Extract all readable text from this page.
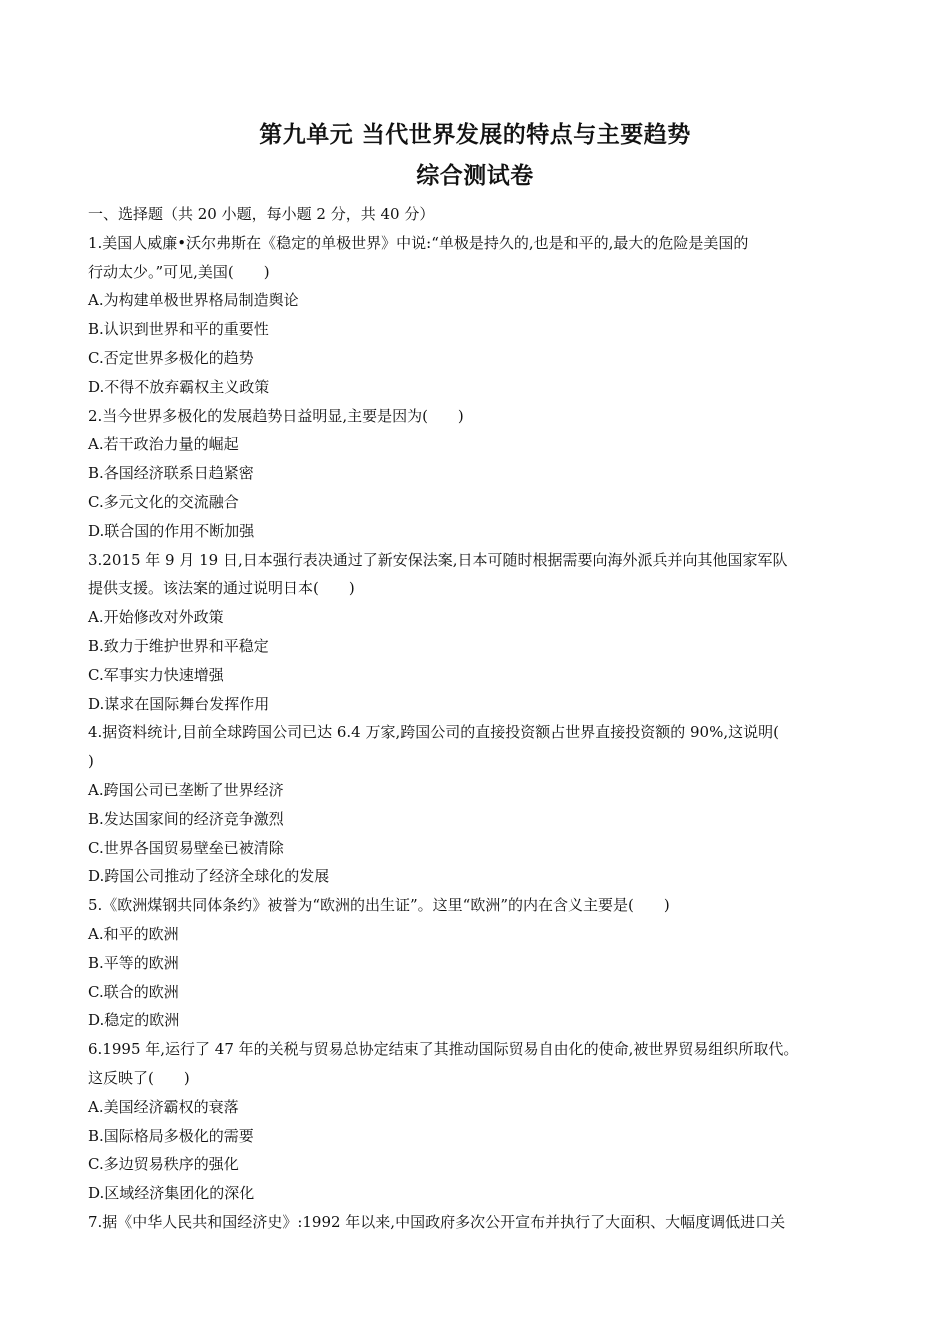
第九单元 当代世界发展的特点与主要趋势
综合测试卷
一、选择题（共 20 小题，每小题 2 分，共 40 分）
1.美国人威廉•沃尔弗斯在《稳定的单极世界》中说:“单极是持久的,也是和平的,最大的危险是美国的
行动太少。”可见,美国(　　)
A.为构建单极世界格局制造舆论
B.认识到世界和平的重要性
C.否定世界多极化的趋势
D.不得不放弃霸权主义政策
2.当今世界多极化的发展趋势日益明显,主要是因为(　　)
A.若干政治力量的崛起
B.各国经济联系日趋紧密
C.多元文化的交流融合
D.联合国的作用不断加强
3.2015 年 9 月 19 日,日本强行表决通过了新安保法案,日本可随时根据需要向海外派兵并向其他国家军队
提供支援。该法案的通过说明日本(　　)
A.开始修改对外政策
B.致力于维护世界和平稳定
C.军事实力快速增强
D.谋求在国际舞台发挥作用
4.据资料统计,目前全球跨国公司已达 6.4 万家,跨国公司的直接投资额占世界直接投资额的 90%,这说明(
)
A.跨国公司已垄断了世界经济
B.发达国家间的经济竞争激烈
C.世界各国贸易壁垒已被清除
D.跨国公司推动了经济全球化的发展
5.《欧洲煤钢共同体条约》被誉为“欧洲的出生证”。这里“欧洲”的内在含义主要是(　　)
A.和平的欧洲
B.平等的欧洲
C.联合的欧洲
D.稳定的欧洲
6.1995 年,运行了 47 年的关税与贸易总协定结束了其推动国际贸易自由化的使命,被世界贸易组织所取代。
这反映了(　　)
A.美国经济霸权的衰落
B.国际格局多极化的需要
C.多边贸易秩序的强化
D.区域经济集团化的深化
7.据《中华人民共和国经济史》:1992 年以来,中国政府多次公开宣布并执行了大面积、大幅度调低进口关
